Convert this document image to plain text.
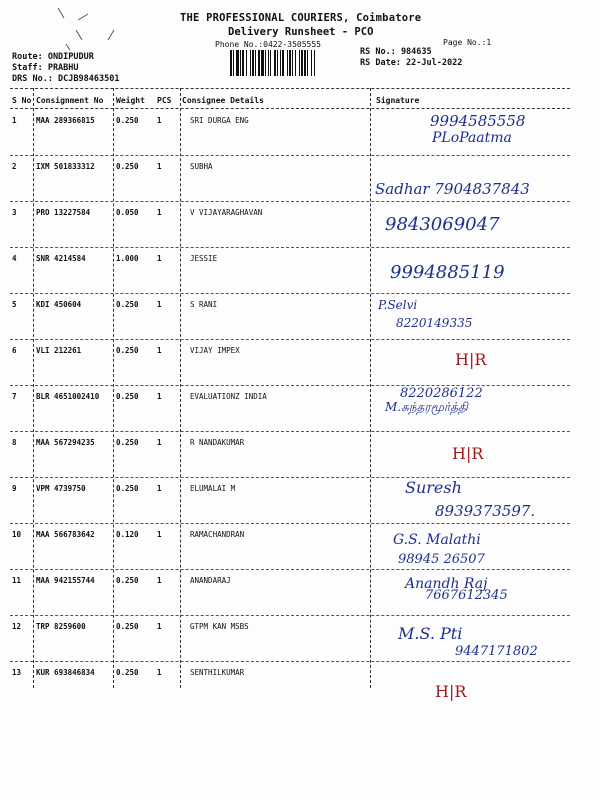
THE PROFESSIONAL COURIERS, Coimbatore
Delivery Runsheet - PCO
Phone No.:0422-3505555	Page No.:1
Route: ONDIPUDUR
Staff: PRABHU
DRS No.: DCJB98463501
RS No.: 984635
RS Date: 22-Jul-2022
S No Consignment No Weight PCS Consignee Details	Signature
1	MAA 289366815	0.250 1	SRI DURGA ENG	9994585558
PLoPaatma
2	IXM 501833312	0.250 1	SUBHA
Sadhar 7904837843
3	PRO 13227584	0.050 1	V VIJAYARAGHAVAN
9843069047
4	SNR 4214584	1.000 1	JESSIE
9994885119
5	KDI 450604	0.250 1	S RANI	P.Selvi
8220149335
6	VLI 212261	0.250 1	VIJAY IMPEX	H|R
7	BLR 4651002410 0.250 1	EVALUATIONZ INDIA	8220286122
M.சுந்தரமூர்த்தி
8	MAA 567294235	0.250 1	R NANDAKUMAR
H|R
9	VPM 4739750	0.250 1	ELUMALAI M	Suresh
8939373597.
10 MAA 566783642	0.120 1	RAMACHANDRAN	G.S. Malathi
98945 26507
11 MAA 942155744	0.250 1	ANANDARAJ	Anandh Raj
7667612345
12 TRP 8259600	0.250 1	GTPM KAN MSBS	M.S. Pti
9447171802
13 KUR 693846834	0.250 1	SENTHILKUMAR
H|R
